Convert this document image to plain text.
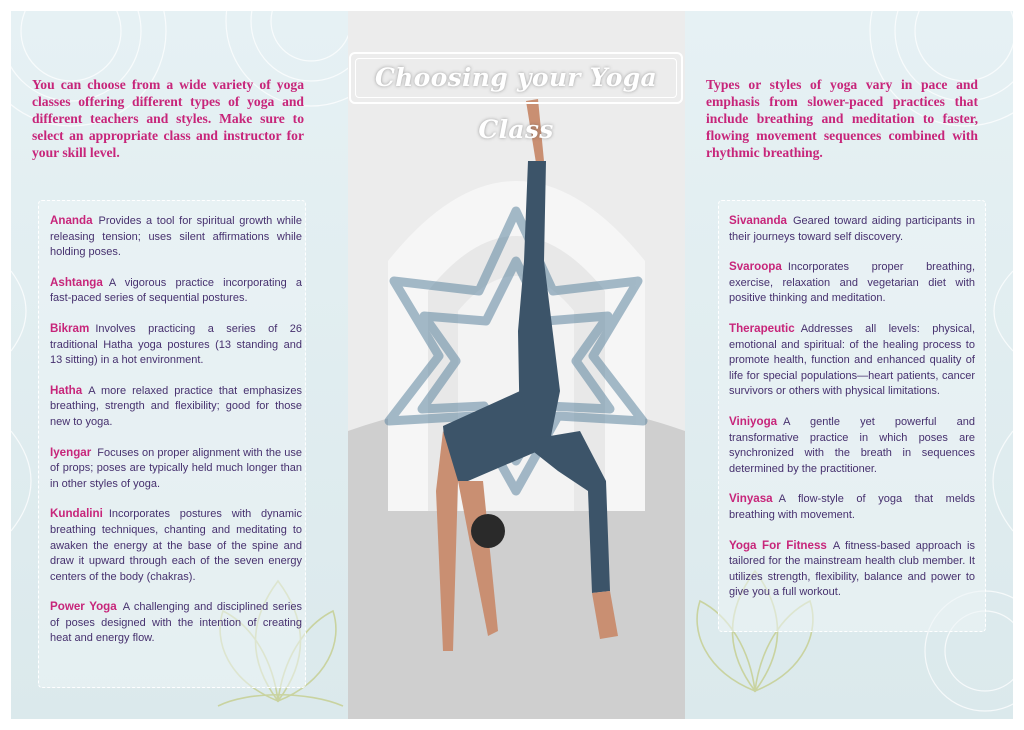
Choosing your Yoga Class

You can choose from a wide variety of yoga classes offering different types of yoga and different teachers and styles. Make sure to select an appropriate class and instructor for your skill level.

Ananda Provides a tool for spiritual growth while releasing tension; uses silent affirmations while holding poses.
Ashtanga A vigorous practice incorporating a fast-paced series of sequential postures.
Bikram Involves practicing a series of 26 traditional Hatha yoga postures (13 standing and 13 sitting) in a hot environment.
Hatha A more relaxed practice that emphasizes breathing, strength and flexibility; good for those new to yoga.
Iyengar Focuses on proper alignment with the use of props; poses are typically held much longer than in other styles of yoga.
Kundalini Incorporates postures with dynamic breathing techniques, chanting and meditating to awaken the energy at the base of the spine and draw it upward through each of the seven energy centers of the body (chakras).
Power Yoga A challenging and disciplined series of poses designed with the intention of creating heat and energy flow.

Types or styles of yoga vary in pace and emphasis from slower-paced practices that include breathing and meditation to faster, flowing movement sequences combined with rhythmic breathing.

Sivananda Geared toward aiding participants in their journeys toward self discovery.
Svaroopa Incorporates proper breathing, exercise, relaxation and vegetarian diet with positive thinking and meditation.
Therapeutic Addresses all levels: physical, emotional and spiritual: of the healing process to promote health, function and enhanced quality of life for special populations—heart patients, cancer survivors or others with physical limitations.
Viniyoga A gentle yet powerful and transformative practice in which poses are synchronized with the breath in sequences determined by the practitioner.
Vinyasa A flow-style of yoga that melds breathing with movement.
Yoga For Fitness A fitness-based approach is tailored for the mainstream health club member. It utilizes strength, flexibility, balance and power to give you a full workout.
